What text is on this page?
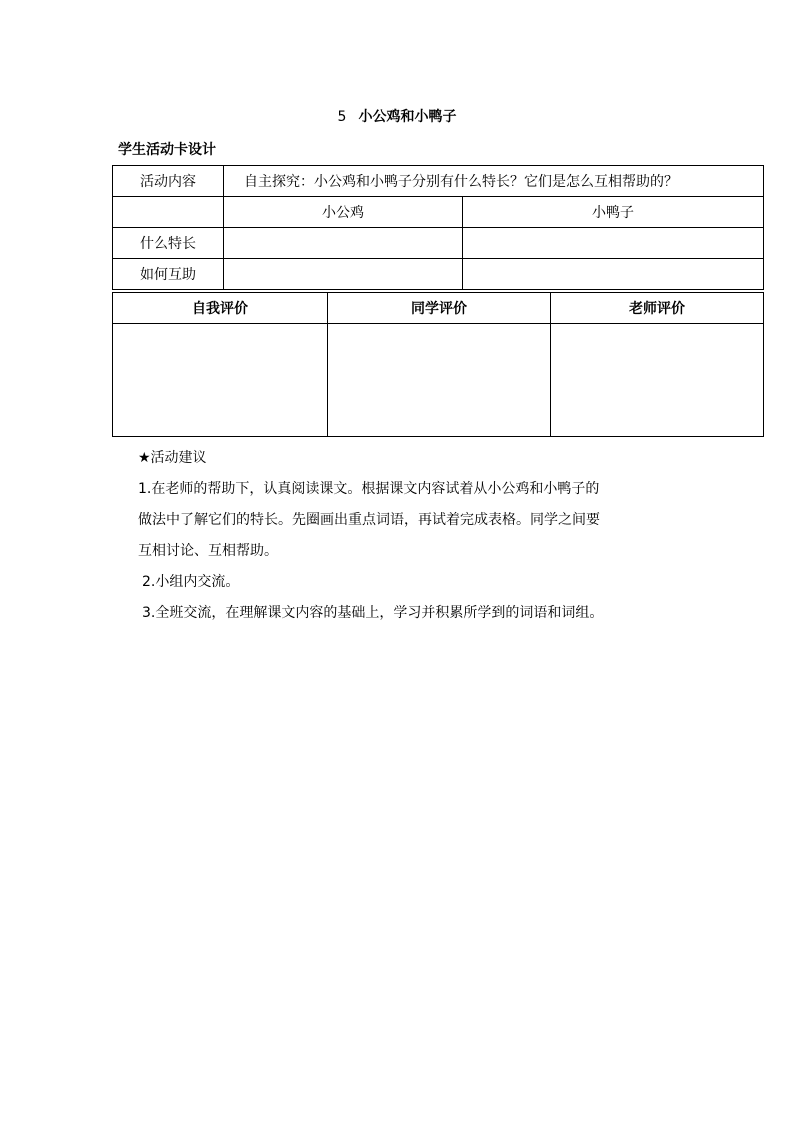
5 小公鸡和小鸭子
学生活动卡设计
活动内容	自主探究：小公鸡和小鸭子分别有什么特长？它们是怎么互相帮助的？	
	小公鸡	小鸭子
什么特长		
如何互助		
自我评价	同学评价	老师评价

★活动建议

1.在老师的帮助下，认真阅读课文。根据课文内容试着从小公鸡和小鸭子的

做法中了解它们的特长。先圈画出重点词语，再试着完成表格。同学之间要

互相讨论、互相帮助。

2.小组内交流。

3.全班交流，在理解课文内容的基础上，学习并积累所学到的词语和词组。
